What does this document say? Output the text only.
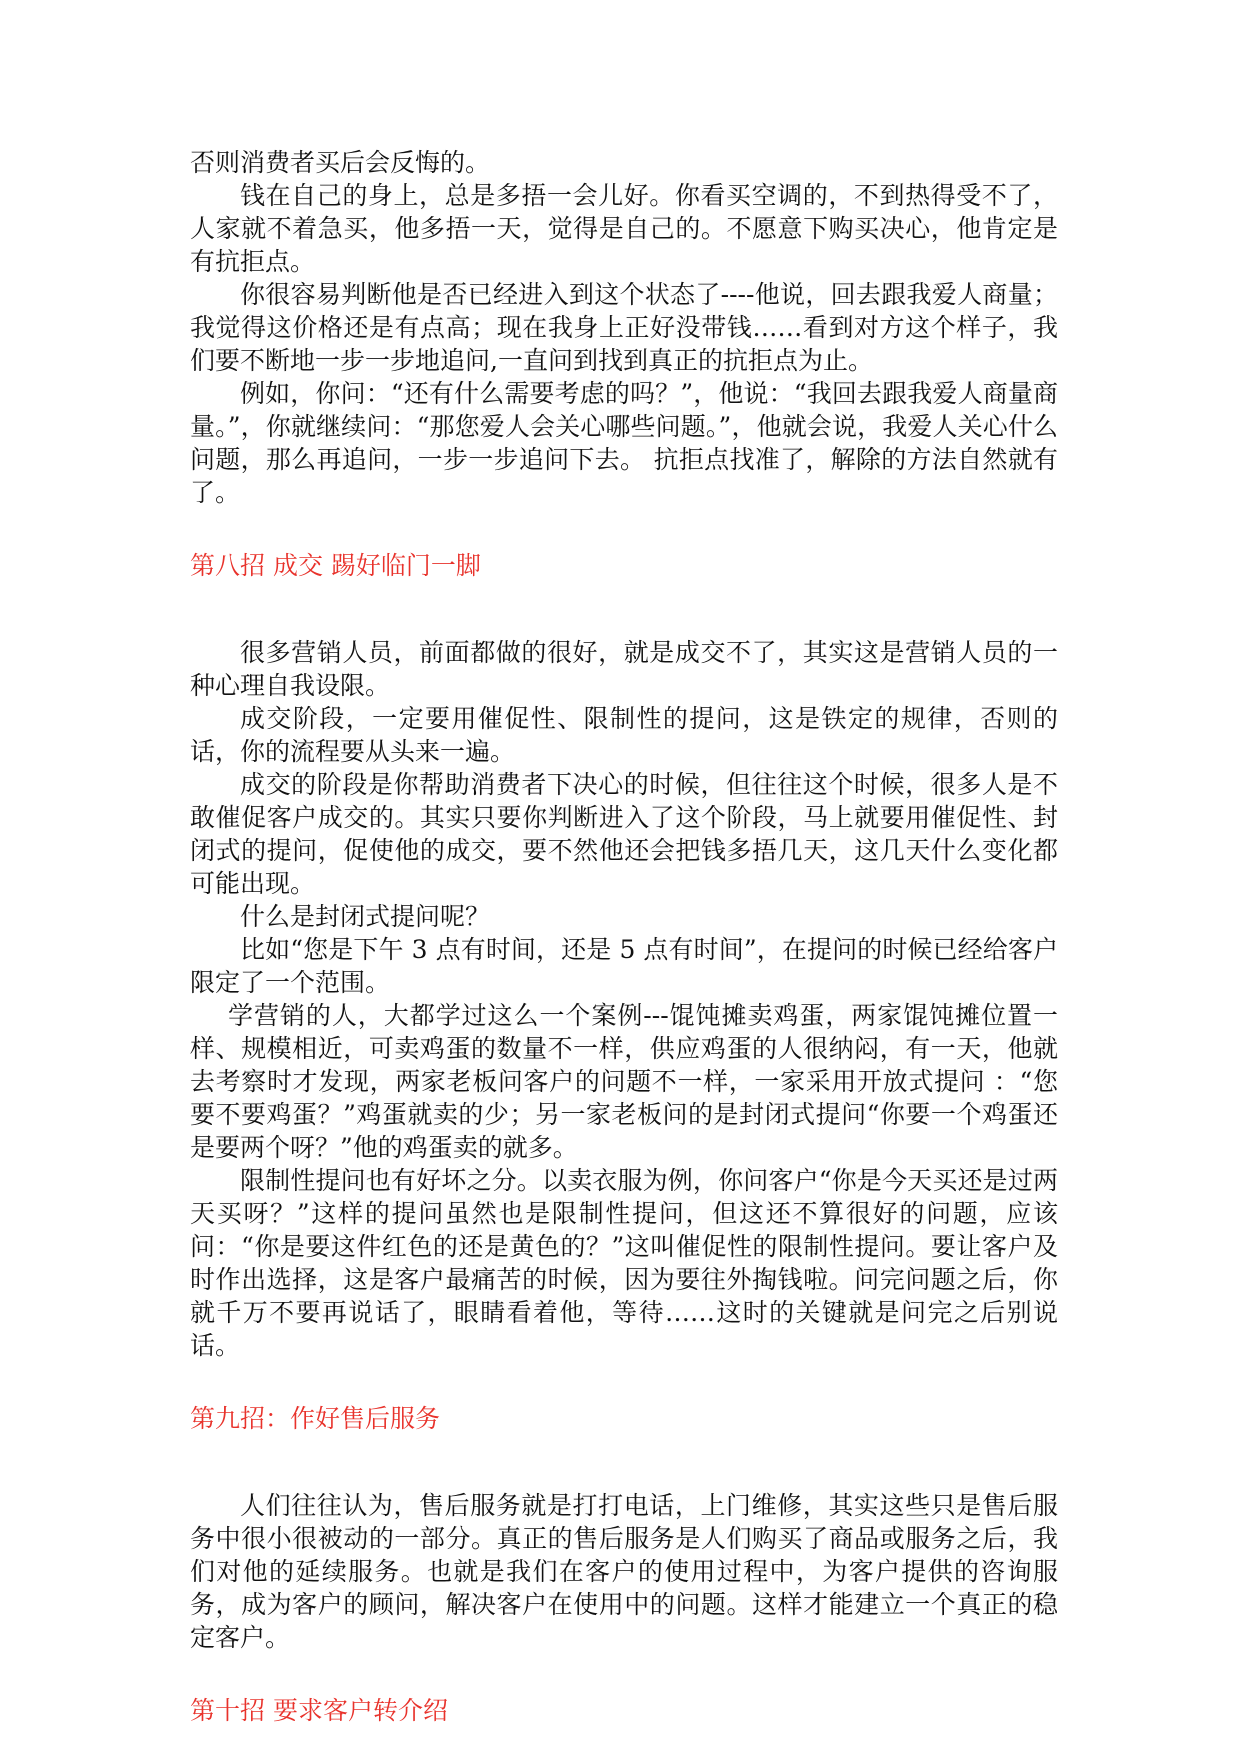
否则消费者买后会反悔的。

钱在自己的身上，总是多捂一会儿好。你看买空调的，不到热得受不了，人家就不着急买，他多捂一天，觉得是自己的。不愿意下购买决心，他肯定是有抗拒点。

你很容易判断他是否已经进入到这个状态了----他说，回去跟我爱人商量；我觉得这价格还是有点高；现在我身上正好没带钱……看到对方这个样子，我们要不断地一步一步地追问,一直问到找到真正的抗拒点为止。

例如，你问：“还有什么需要考虑的吗？”，他说：“我回去跟我爱人商量商量。”，你就继续问：“那您爱人会关心哪些问题。”，他就会说，我爱人关心什么问题，那么再追问，一步一步追问下去。 抗拒点找准了，解除的方法自然就有了。

第八招 成交 踢好临门一脚

很多营销人员，前面都做的很好，就是成交不了，其实这是营销人员的一种心理自我设限。

成交阶段，一定要用催促性、限制性的提问，这是铁定的规律，否则的话，你的流程要从头来一遍。

成交的阶段是你帮助消费者下决心的时候，但往往这个时候，很多人是不敢催促客户成交的。其实只要你判断进入了这个阶段，马上就要用催促性、封闭式的提问，促使他的成交，要不然他还会把钱多捂几天，这几天什么变化都可能出现。

什么是封闭式提问呢？

比如“您是下午 3 点有时间，还是 5 点有时间”，在提问的时候已经给客户限定了一个范围。

学营销的人，大都学过这么一个案例---馄饨摊卖鸡蛋，两家馄饨摊位置一样、规模相近，可卖鸡蛋的数量不一样，供应鸡蛋的人很纳闷，有一天，他就去考察时才发现，两家老板问客户的问题不一样，一家采用开放式提问 ：“您要不要鸡蛋？”鸡蛋就卖的少；另一家老板问的是封闭式提问“你要一个鸡蛋还是要两个呀？”他的鸡蛋卖的就多。

限制性提问也有好坏之分。以卖衣服为例，你问客户“你是今天买还是过两天买呀？”这样的提问虽然也是限制性提问，但这还不算很好的问题，应该问：“你是要这件红色的还是黄色的？”这叫催促性的限制性提问。要让客户及时作出选择，这是客户最痛苦的时候，因为要往外掏钱啦。问完问题之后，你就千万不要再说话了，眼睛看着他，等待……这时的关键就是问完之后别说话。

第九招：作好售后服务

人们往往认为，售后服务就是打打电话，上门维修，其实这些只是售后服务中很小很被动的一部分。真正的售后服务是人们购买了商品或服务之后，我们对他的延续服务。也就是我们在客户的使用过程中，为客户提供的咨询服务，成为客户的顾问，解决客户在使用中的问题。这样才能建立一个真正的稳定客户。

第十招 要求客户转介绍
